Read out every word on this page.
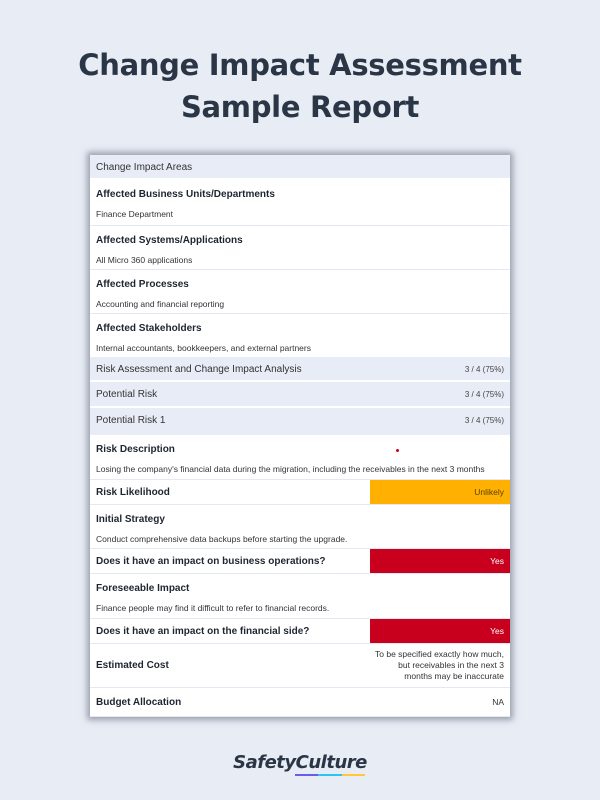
Change Impact Assessment
Sample Report
Change Impact Areas
Affected Business Units/Departments
Finance Department
Affected Systems/Applications
All Micro 360 applications
Affected Processes
Accounting and financial reporting
Affected Stakeholders
Internal accountants, bookkeepers, and external partners
Risk Assessment and Change Impact Analysis	3 / 4 (75%)
Potential Risk	3 / 4 (75%)
Potential Risk 1	3 / 4 (75%)
Risk Description
Losing the company's financial data during the migration, including the receivables in the next 3 months
Risk Likelihood	Unlikely
Initial Strategy
Conduct comprehensive data backups before starting the upgrade.
Does it have an impact on business operations?	Yes
Foreseeable Impact
Finance people may find it difficult to refer to financial records.
Does it have an impact on the financial side?	Yes
Estimated Cost
To be specified exactly how much, but receivables in the next 3 months may be inaccurate
Budget Allocation	NA
SafetyCulture
